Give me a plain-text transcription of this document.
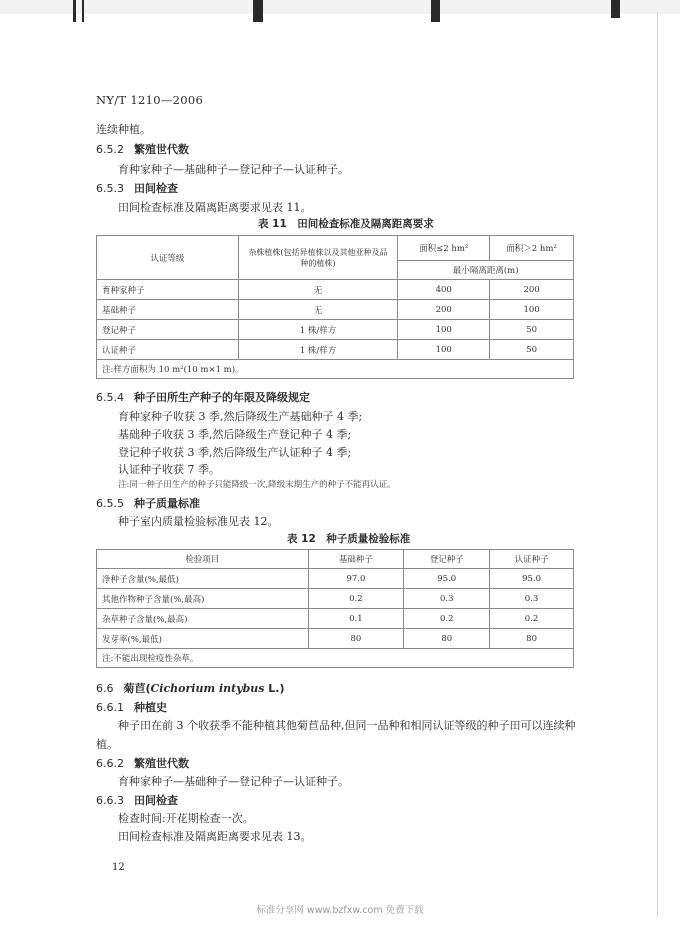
NY/T 1210—2006
连续种植。
6.5.2 繁殖世代数
育种家种子—基础种子—登记种子—认证种子。
6.5.3 田间检查
田间检查标准及隔离距离要求见表 11。
表 11　田间检查标准及隔离距离要求
认证等级	杂株植株(包括异植株以及其他亚种及品种的植株)	面积≤2 hm²	面积＞2 hm²
		最小隔离距离(m)	
育种家种子	无	400	200
基础种子	无	200	100
登记种子	1 株/样方	100	50
认证种子	1 株/样方	100	50
注:样方面积为 10 m²(10 m×1 m)。			
6.5.4 种子田所生产种子的年限及降级规定
育种家种子收获 3 季,然后降级生产基础种子 4 季;
基础种子收获 3 季,然后降级生产登记种子 4 季;
登记种子收获 3 季,然后降级生产认证种子 4 季;
认证种子收获 7 季。
注:同一种子田生产的种子只能降级一次,降级末期生产的种子不能再认证。
6.5.5 种子质量标准
种子室内质量检验标准见表 12。
表 12　种子质量检验标准
检验项目	基础种子	登记种子	认证种子
净种子含量(%,最低)	97.0	95.0	95.0
其他作物种子含量(%,最高)	0.2	0.3	0.3
杂草种子含量(%,最高)	0.1	0.2	0.2
发芽率(%,最低)	80	80	80
注:不能出现检疫性杂草。			
6.6 菊苣(Cichorium intybus L.)
6.6.1 种植史
种子田在前 3 个收获季不能种植其他菊苣品种,但同一品种和相同认证等级的种子田可以连续种
植。
6.6.2 繁殖世代数
育种家种子—基础种子—登记种子—认证种子。
6.6.3 田间检查
检查时间:开花期检查一次。
田间检查标准及隔离距离要求见表 13。
12
标准分享网 www.bzfxw.com 免费下载
